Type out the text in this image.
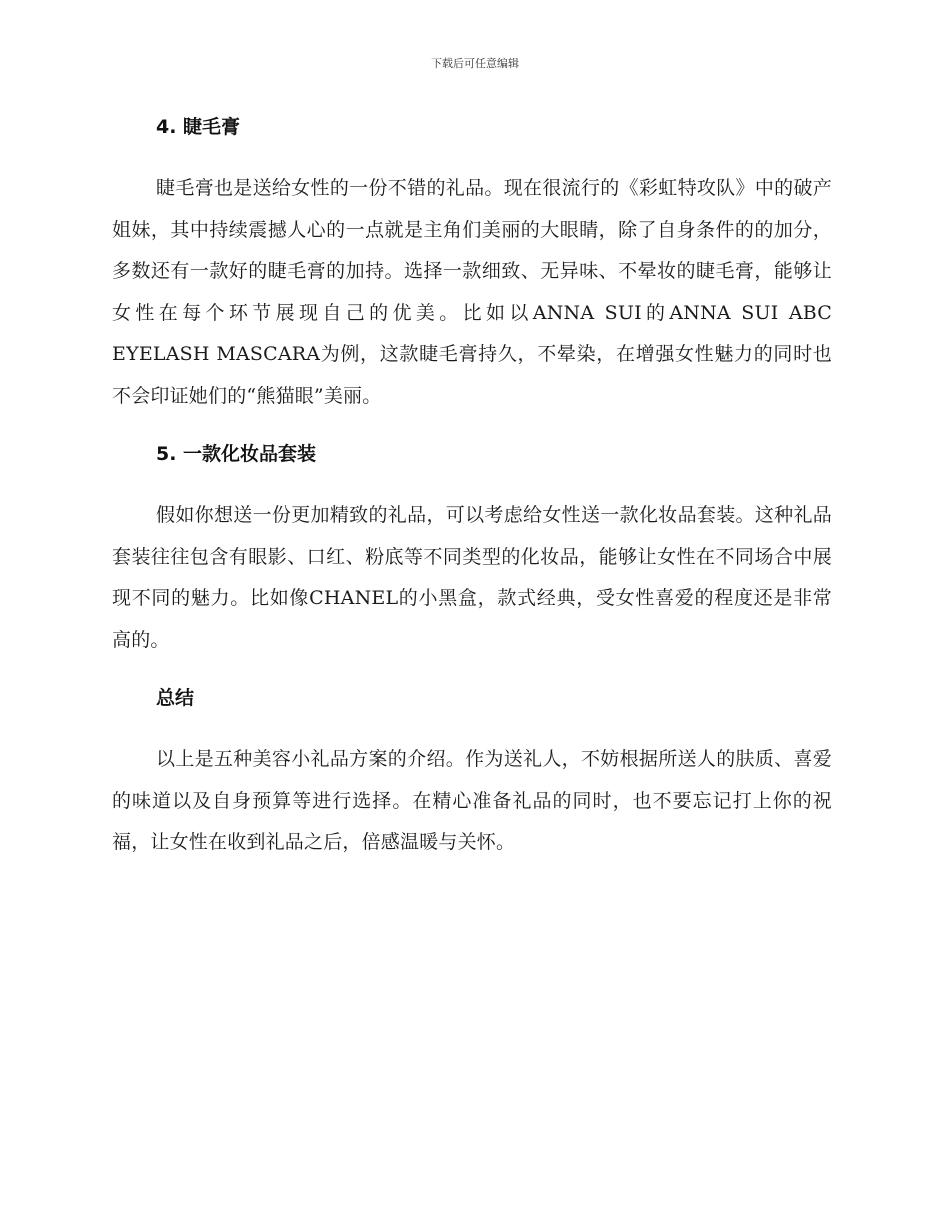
下载后可任意编辑
4. 睫毛膏

睫毛膏也是送给女性的一份不错的礼品。现在很流行的《彩虹特攻队》中的破产姐妹，其中持续震撼人心的一点就是主角们美丽的大眼睛，除了自身条件的的加分，多数还有一款好的睫毛膏的加持。选择一款细致、无异味、不晕妆的睫毛膏，能够让女性在每个环节展现自己的优美。比如以ANNA SUI的ANNA SUI ABC EYELASH MASCARA为例，这款睫毛膏持久，不晕染，在增强女性魅力的同时也不会印证她们的“熊猫眼”美丽。

5. 一款化妆品套装

假如你想送一份更加精致的礼品，可以考虑给女性送一款化妆品套装。这种礼品套装往往包含有眼影、口红、粉底等不同类型的化妆品，能够让女性在不同场合中展现不同的魅力。比如像CHANEL的小黑盒，款式经典，受女性喜爱的程度还是非常高的。

总结

以上是五种美容小礼品方案的介绍。作为送礼人，不妨根据所送人的肤质、喜爱的味道以及自身预算等进行选择。在精心准备礼品的同时，也不要忘记打上你的祝福，让女性在收到礼品之后，倍感温暖与关怀。
